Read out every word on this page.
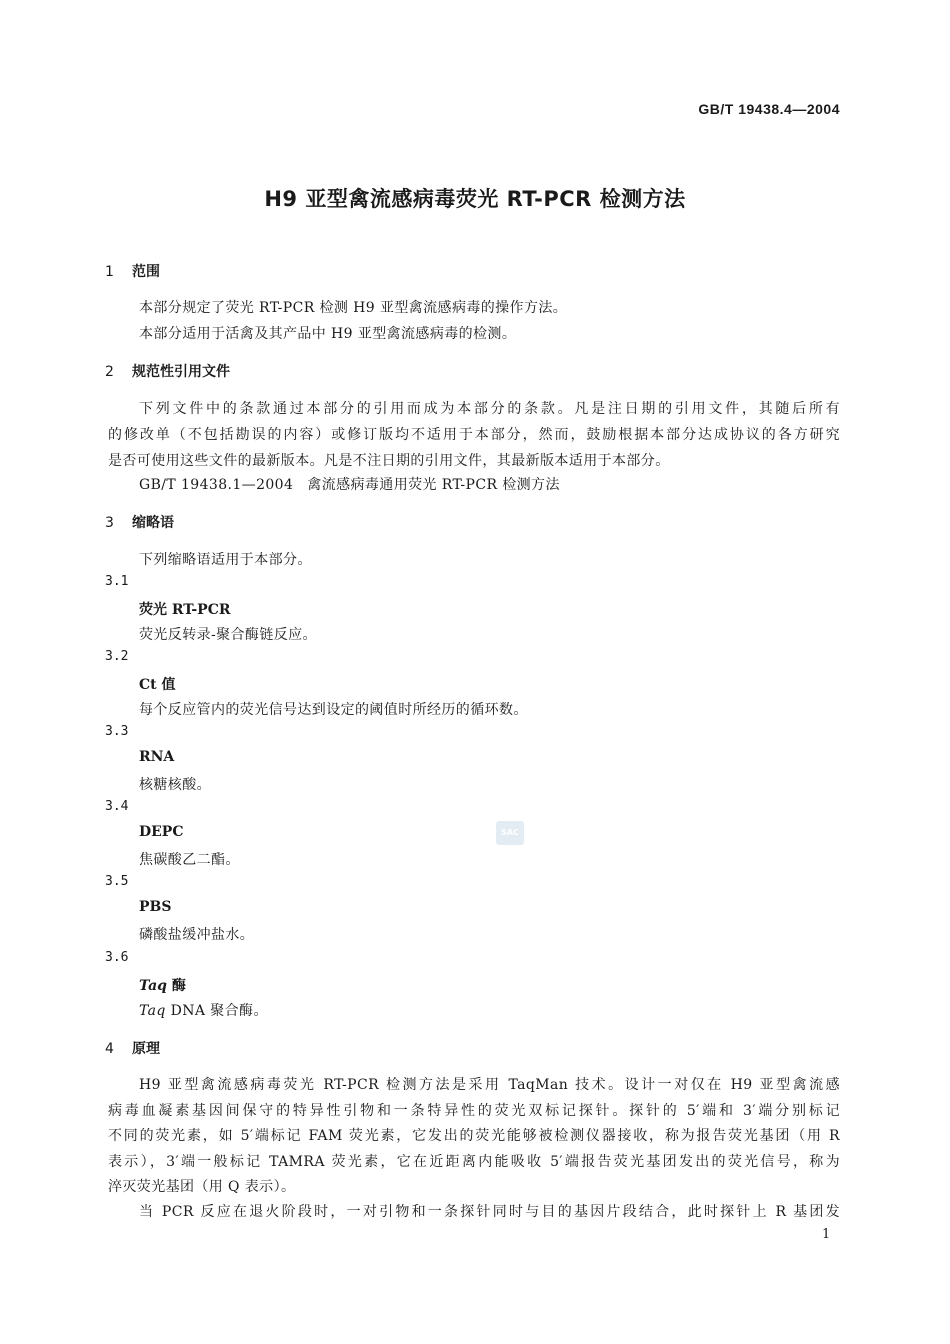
GB/T 19438.4—2004
H9 亚型禽流感病毒荧光 RT-PCR 检测方法
1 范围
本部分规定了荧光 RT-PCR 检测 H9 亚型禽流感病毒的操作方法。
本部分适用于活禽及其产品中 H9 亚型禽流感病毒的检测。
2 规范性引用文件
下列文件中的条款通过本部分的引用而成为本部分的条款。凡是注日期的引用文件，其随后所有
的修改单（不包括勘误的内容）或修订版均不适用于本部分，然而，鼓励根据本部分达成协议的各方研究
是否可使用这些文件的最新版本。凡是不注日期的引用文件，其最新版本适用于本部分。
GB/T 19438.1—2004 禽流感病毒通用荧光 RT-PCR 检测方法
3 缩略语
下列缩略语适用于本部分。
3.1
荧光 RT-PCR
荧光反转录-聚合酶链反应。
3.2
Ct 值
每个反应管内的荧光信号达到设定的阈值时所经历的循环数。
3.3
RNA
核糖核酸。
3.4
DEPC
焦碳酸乙二酯。
3.5
PBS
磷酸盐缓冲盐水。
3.6
Taq 酶
Taq DNA 聚合酶。
4 原理
H9 亚型禽流感病毒荧光 RT-PCR 检测方法是采用 TaqMan 技术。设计一对仅在 H9 亚型禽流感
病毒血凝素基因间保守的特异性引物和一条特异性的荧光双标记探针。探针的 5′端和 3′端分别标记
不同的荧光素，如 5′端标记 FAM 荧光素，它发出的荧光能够被检测仪器接收，称为报告荧光基团（用 R
表示），3′端一般标记 TAMRA 荧光素，它在近距离内能吸收 5′端报告荧光基团发出的荧光信号，称为
淬灭荧光基团（用 Q 表示）。
当 PCR 反应在退火阶段时，一对引物和一条探针同时与目的基因片段结合，此时探针上 R 基团发
SAC
1
